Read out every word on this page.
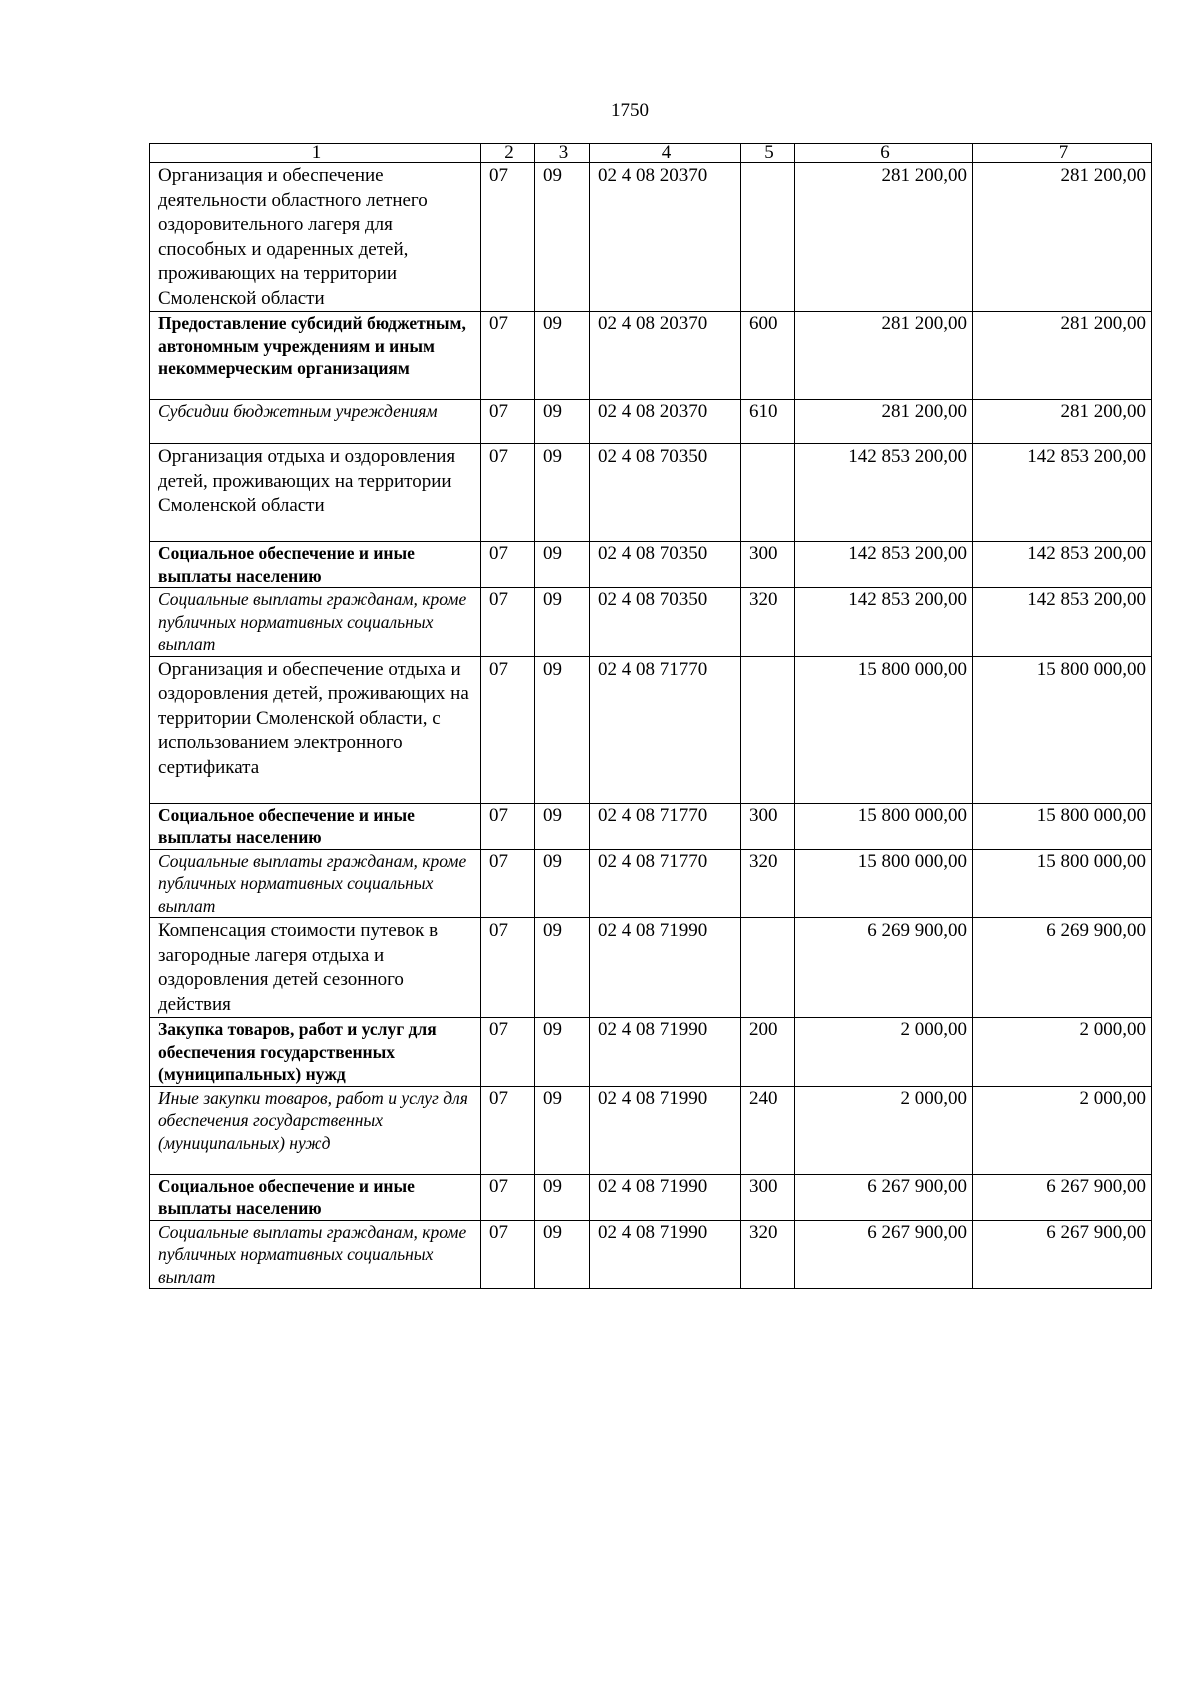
1750
1	2	3	4	5	6	7
Организация и обеспечение деятельности областного летнего оздоровительного лагеря для способных и одаренных детей, проживающих на территории Смоленской области	07	09	02 4 08 20370		281 200,00	281 200,00
Предоставление субсидий бюджетным, автономным учреждениям и иным некоммерческим организациям	07	09	02 4 08 20370	600	281 200,00	281 200,00
Субсидии бюджетным учреждениям	07	09	02 4 08 20370	610	281 200,00	281 200,00
Организация отдыха и оздоровления детей, проживающих на территории Смоленской области	07	09	02 4 08 70350		142 853 200,00	142 853 200,00
Социальное обеспечение и иные выплаты населению	07	09	02 4 08 70350	300	142 853 200,00	142 853 200,00
Социальные выплаты гражданам, кроме публичных нормативных социальных выплат	07	09	02 4 08 70350	320	142 853 200,00	142 853 200,00
Организация и обеспечение отдыха и оздоровления детей, проживающих на территории Смоленской области, с использованием электронного сертификата	07	09	02 4 08 71770		15 800 000,00	15 800 000,00
Социальное обеспечение и иные выплаты населению	07	09	02 4 08 71770	300	15 800 000,00	15 800 000,00
Социальные выплаты гражданам, кроме публичных нормативных социальных выплат	07	09	02 4 08 71770	320	15 800 000,00	15 800 000,00
Компенсация стоимости путевок в загородные лагеря отдыха и оздоровления детей сезонного действия	07	09	02 4 08 71990		6 269 900,00	6 269 900,00
Закупка товаров, работ и услуг для обеспечения государственных (муниципальных) нужд	07	09	02 4 08 71990	200	2 000,00	2 000,00
Иные закупки товаров, работ и услуг для обеспечения государственных (муниципальных) нужд	07	09	02 4 08 71990	240	2 000,00	2 000,00
Социальное обеспечение и иные выплаты населению	07	09	02 4 08 71990	300	6 267 900,00	6 267 900,00
Социальные выплаты гражданам, кроме публичных нормативных социальных выплат	07	09	02 4 08 71990	320	6 267 900,00	6 267 900,00
